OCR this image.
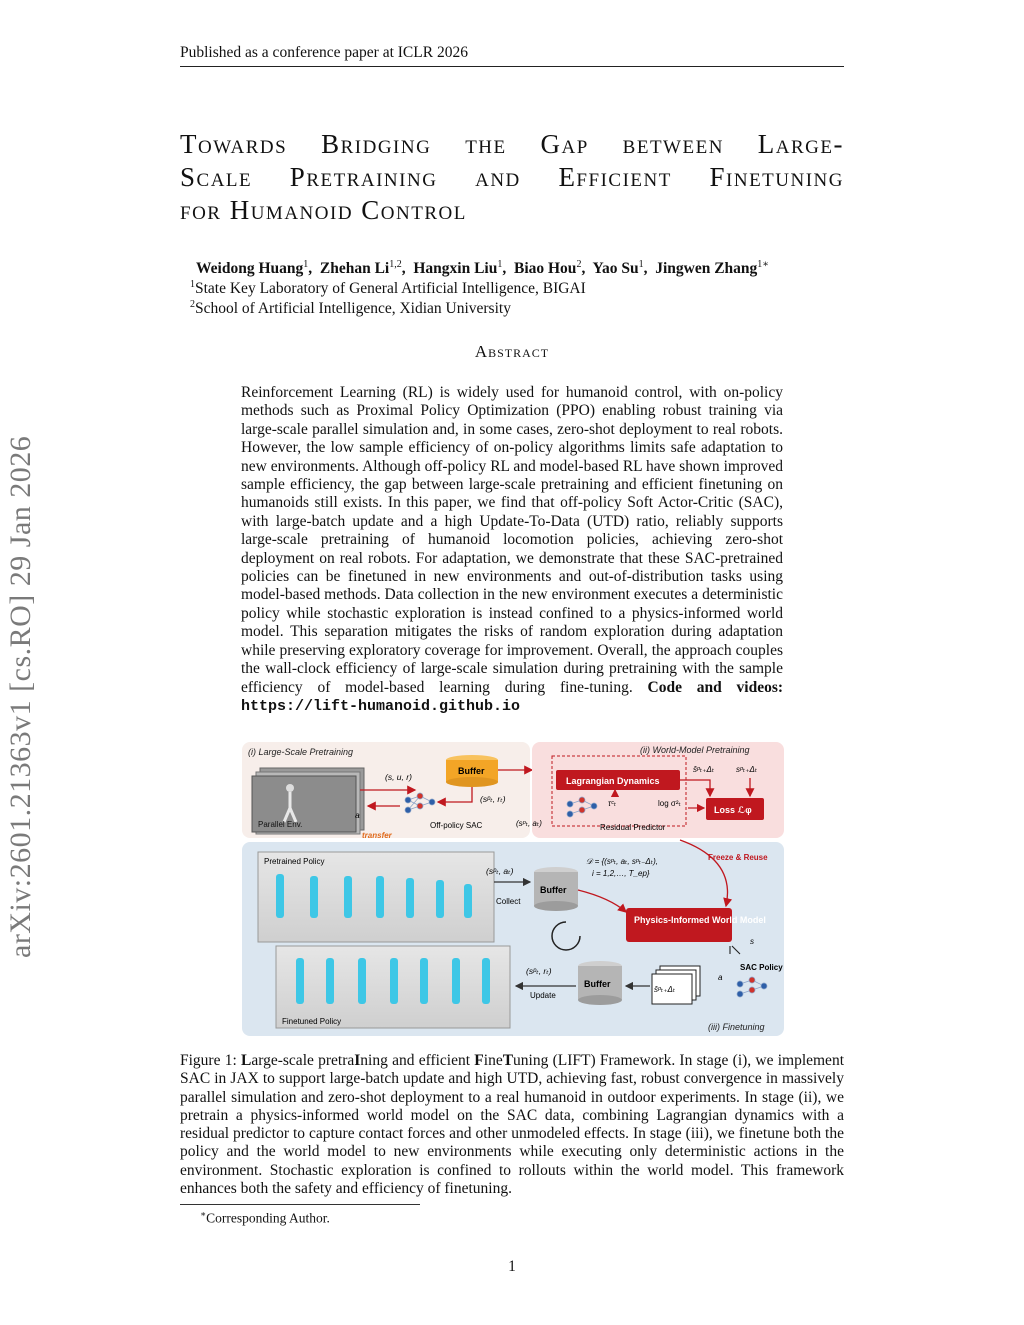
Published as a conference paper at ICLR 2026
Towards Bridging the Gap between Large-
Scale Pretraining and Efficient Finetuning
for Humanoid Control
Weidong Huang$^1$,  Zhehan Li$^{1,2}$,  Hangxin Liu$^1$,  Biao Hou$^2$,  Yao Su$^1$,  Jingwen Zhang$^{1∗}$
$^1$State Key Laboratory of General Artificial Intelligence, BIGAI
$^2$School of Artificial Intelligence, Xidian University
Abstract
Reinforcement Learning (RL) is widely used for humanoid control, with on-policy methods such as Proximal Policy Optimization (PPO) enabling robust training via large-scale parallel simulation and, in some cases, zero-shot deployment to real robots. However, the low sample efficiency of on-policy algorithms limits safe adaptation to new environments. Although off-policy RL and model-based RL have shown improved sample efficiency, the gap between large-scale pretraining and efficient finetuning on humanoids still exists. In this paper, we find that off-policy Soft Actor-Critic (SAC), with large-batch update and a high Update-To-Data (UTD) ratio, reliably supports large-scale pretraining of humanoid locomotion policies, achieving zero-shot deployment on real robots. For adaptation, we demonstrate that these SAC-pretrained policies can be finetuned in new environments and out-of-distribution tasks using model-based methods. Data collection in the new environment executes a deterministic policy while stochastic exploration is instead confined to a physics-informed world model. This separation mitigates the risks of random exploration during adaptation while preserving exploratory coverage for improvement. Overall, the approach couples the wall-clock efficiency of large-scale simulation during pretraining with the sample efficiency of model-based learning during fine-tuning. Code and videos: https://lift-humanoid.github.io
arXiv:2601.21363v1 [cs.RO] 29 Jan 2026	(i) Large-Scale Pretraining
Parallel Env.
(s, u, r)
a
Buffer
(sᵖₜ, rₜ)
Off-policy SAC
transfer
(ii) World-Model Pretraining
Lagrangian Dynamics
ŝᵖₜ₊Δₜ	sᵖₜ₊Δₜ
Loss ℒφ
τᶜₜ	log σ²ₜ
Residual Predictor
(sᵖₜ, aₜ)
(iii) Finetuning
Pretrained Policy
Finetuned Policy
(sᵖₜ, aₜ)
Collect
Buffer
𝒟 = {(sᵖₜ, aₜ, sᵖₜ₋Δₜ),
i = 1,2,…, T_ep}
Freeze & Reuse
Physics-Informed World Model
s
SAC Policy
a
ŝᵖₜ₊Δₜ
Buffer
(sᵖₜ, rₜ)
Update
Figure 1: Large-scale pretraIning and efficient FineTuning (LIFT) Framework. In stage (i), we implement SAC in JAX to support large-batch update and high UTD, achieving fast, robust convergence in massively parallel simulation and zero-shot deployment to a real humanoid in outdoor experiments. In stage (ii), we pretrain a physics-informed world model on the SAC data, combining Lagrangian dynamics with a residual predictor to capture contact forces and other unmodeled effects. In stage (iii), we finetune both the policy and the world model to new environments while executing only deterministic actions in the environment. Stochastic exploration is confined to rollouts within the world model. This framework enhances both the safety and efficiency of finetuning.
∗Corresponding Author.
1
